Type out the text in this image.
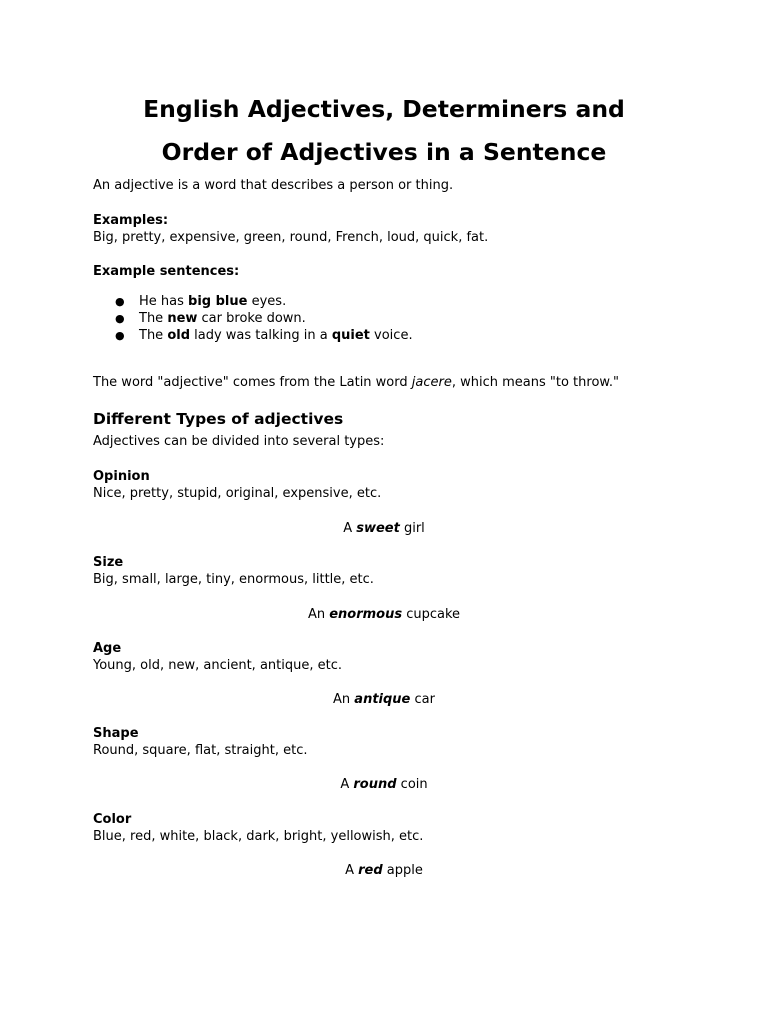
English Adjectives, Determiners and
Order of Adjectives in a Sentence

An adjective is a word that describes a person or thing.

Examples:

Big, pretty, expensive, green, round, French, loud, quick, fat.

Example sentences:

● He has big blue eyes.
● The new car broke down.
● The old lady was talking in a quiet voice.

The word "adjective" comes from the Latin word jacere, which means "to throw."

Different Types of adjectives

Adjectives can be divided into several types:

Opinion

Nice, pretty, stupid, original, expensive, etc.

A sweet girl

Size

Big, small, large, tiny, enormous, little, etc.

An enormous cupcake

Age

Young, old, new, ancient, antique, etc.

An antique car

Shape

Round, square, flat, straight, etc.

A round coin

Color

Blue, red, white, black, dark, bright, yellowish, etc.

A red apple
